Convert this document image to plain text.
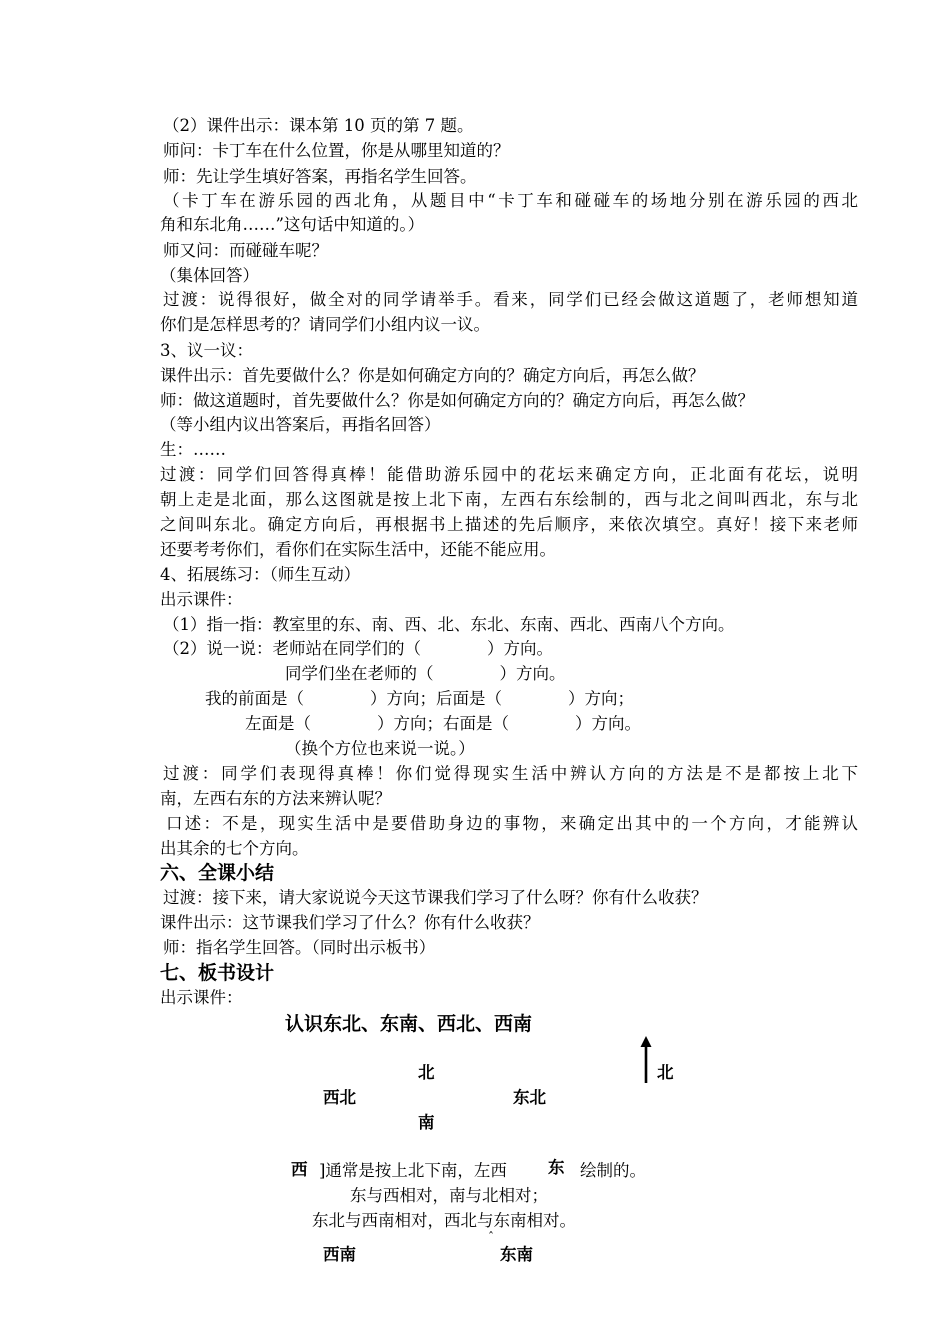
（2）课件出示：课本第 10 页的第 7 题。
师问：卡丁车在什么位置，你是从哪里知道的？
师：先让学生填好答案，再指名学生回答。
（卡丁车在游乐园的西北角，从题目中“卡丁车和碰碰车的场地分别在游乐园的西北
角和东北角……”这句话中知道的。）
师又问：而碰碰车呢？
（集体回答）
过渡：说得很好，做全对的同学请举手。看来，同学们已经会做这道题了，老师想知道
你们是怎样思考的？请同学们小组内议一议。
3、议一议：
课件出示：首先要做什么？你是如何确定方向的？确定方向后，再怎么做？
师：做这道题时，首先要做什么？你是如何确定方向的？确定方向后，再怎么做？
（等小组内议出答案后，再指名回答）
生：……
过渡：同学们回答得真棒！能借助游乐园中的花坛来确定方向，正北面有花坛，说明
朝上走是北面，那么这图就是按上北下南，左西右东绘制的，西与北之间叫西北，东与北
之间叫东北。确定方向后，再根据书上描述的先后顺序，来依次填空。真好！接下来老师
还要考考你们，看你们在实际生活中，还能不能应用。
4、拓展练习：（师生互动）
出示课件：
（1）指一指：教室里的东、南、西、北、东北、东南、西北、西南八个方向。
（2）说一说：老师站在同学们的（　　　　）方向。
同学们坐在老师的（　　　　）方向。
我的前面是（　　　　）方向；后面是（　　　　）方向；
左面是（　　　　）方向；右面是（　　　　）方向。
（换个方位也来说一说。）
过渡：同学们表现得真棒！你们觉得现实生活中辨认方向的方法是不是都按上北下
南，左西右东的方法来辨认呢？
口述：不是，现实生活中是要借助身边的事物，来确定出其中的一个方向，才能辨认
出其余的七个方向。
六、全课小结
过渡：接下来，请大家说说今天这节课我们学习了什么呀？你有什么收获？
课件出示：这节课我们学习了什么？你有什么收获？
师：指名学生回答。（同时出示板书）
七、板书设计
出示课件：
认识东北、东南、西北、西南
北
西北	东北
南
北
西 ]通常是按上北下南，左西 东 绘制的。
东与西相对，南与北相对；
东北与西南相对，西北与东南相对。
ˆ
西南	东南
